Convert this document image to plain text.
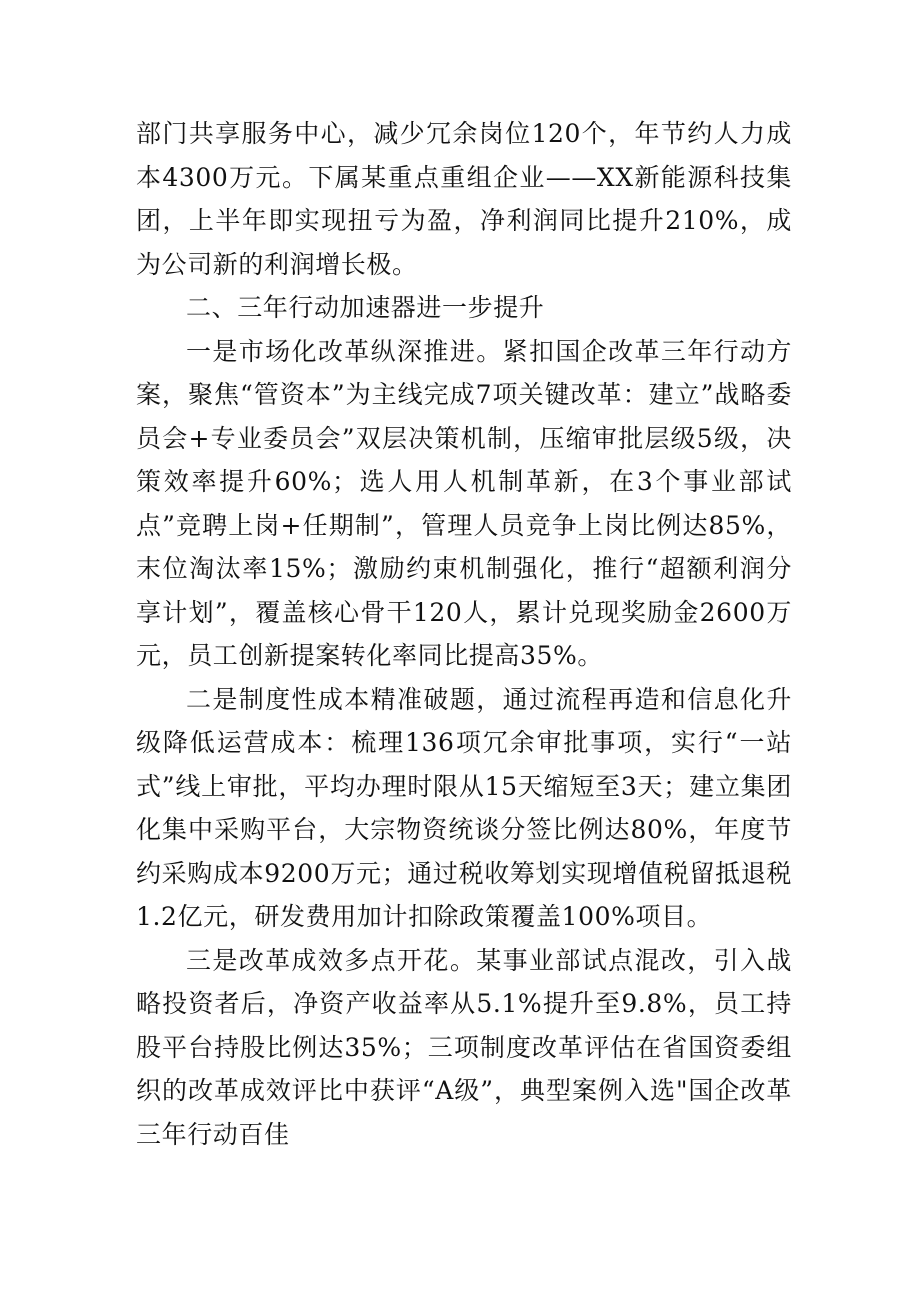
部门共享服务中心，减少冗余岗位120个，年节约人力成本4300万元。下属某重点重组企业——XX新能源科技集团，上半年即实现扭亏为盈，净利润同比提升210%，成为公司新的利润增长极。

二、三年行动加速器进一步提升

一是市场化改革纵深推进。紧扣国企改革三年行动方案，聚焦“管资本”为主线完成7项关键改革：建立”战略委员会+专业委员会”双层决策机制，压缩审批层级5级，决策效率提升60%；选人用人机制革新，在3个事业部试点”竞聘上岗+任期制”，管理人员竞争上岗比例达85%，末位淘汰率15%；激励约束机制强化，推行“超额利润分享计划”，覆盖核心骨干120人，累计兑现奖励金2600万元，员工创新提案转化率同比提高35%。

二是制度性成本精准破题，通过流程再造和信息化升级降低运营成本：梳理136项冗余审批事项，实行“一站式”线上审批，平均办理时限从15天缩短至3天；建立集团化集中采购平台，大宗物资统谈分签比例达80%，年度节约采购成本9200万元；通过税收筹划实现增值税留抵退税1.2亿元，研发费用加计扣除政策覆盖100%项目。

三是改革成效多点开花。某事业部试点混改，引入战略投资者后，净资产收益率从5.1%提升至9.8%，员工持股平台持股比例达35%；三项制度改革评估在省国资委组织的改革成效评比中获评“A级”，典型案例入选"国企改革三年行动百佳
